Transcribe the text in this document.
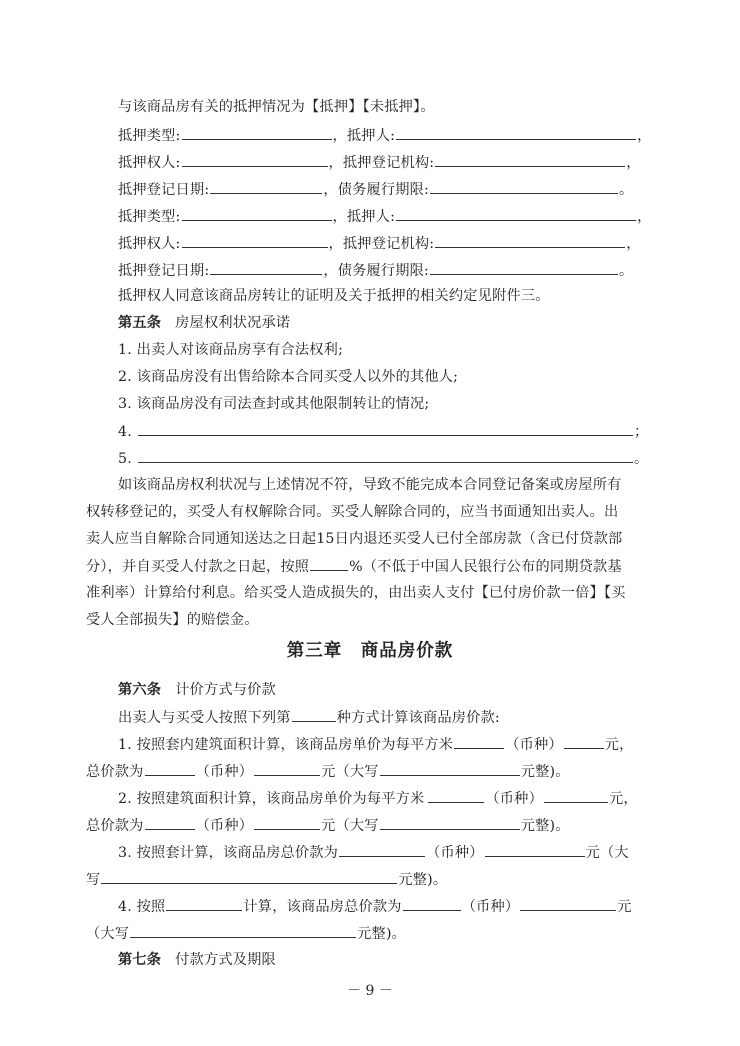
与该商品房有关的抵押情况为【抵押】【未抵押】。
抵押类型:	，抵押人:	，
抵押权人:	，抵押登记机构:	，
抵押登记日期:	，债务履行期限:	。
抵押类型:	，抵押人:	，
抵押权人:	，抵押登记机构:	，
抵押登记日期:	，债务履行期限:	。
抵押权人同意该商品房转让的证明及关于抵押的相关约定见附件三。
第五条 房屋权利状况承诺
1. 出卖人对该商品房享有合法权利;
2. 该商品房没有出售给除本合同买受人以外的其他人;
3. 该商品房没有司法查封或其他限制转让的情况;
4.	；
5.	。
如该商品房权利状况与上述情况不符，导致不能完成本合同登记备案或房屋所有
权转移登记的，买受人有权解除合同。买受人解除合同的，应当书面通知出卖人。出
卖人应当自解除合同通知送达之日起15日内退还买受人已付全部房款（含已付贷款部
分），并自买受人付款之日起，按照	%（不低于中国人民银行公布的同期贷款基
准利率）计算给付利息。给买受人造成损失的，由出卖人支付【已付房价款一倍】【买
受人全部损失】的赔偿金。
第三章　商品房价款
第六条 计价方式与价款
出卖人与买受人按照下列第	种方式计算该商品房价款:
1. 按照套内建筑面积计算，该商品房单价为每平方米	（币种）	元，
总价款为	（币种）	元（大写	元整)。
2. 按照建筑面积计算，该商品房单价为每平方米	（币种）	元，
总价款为	（币种）	元（大写	元整)。
3. 按照套计算，该商品房总价款为	（币种）	元（大
写	元整)。
4. 按照	计算，该商品房总价款为	（币种）	元
（大写	元整)。
第七条 付款方式及期限
－ 9 －
